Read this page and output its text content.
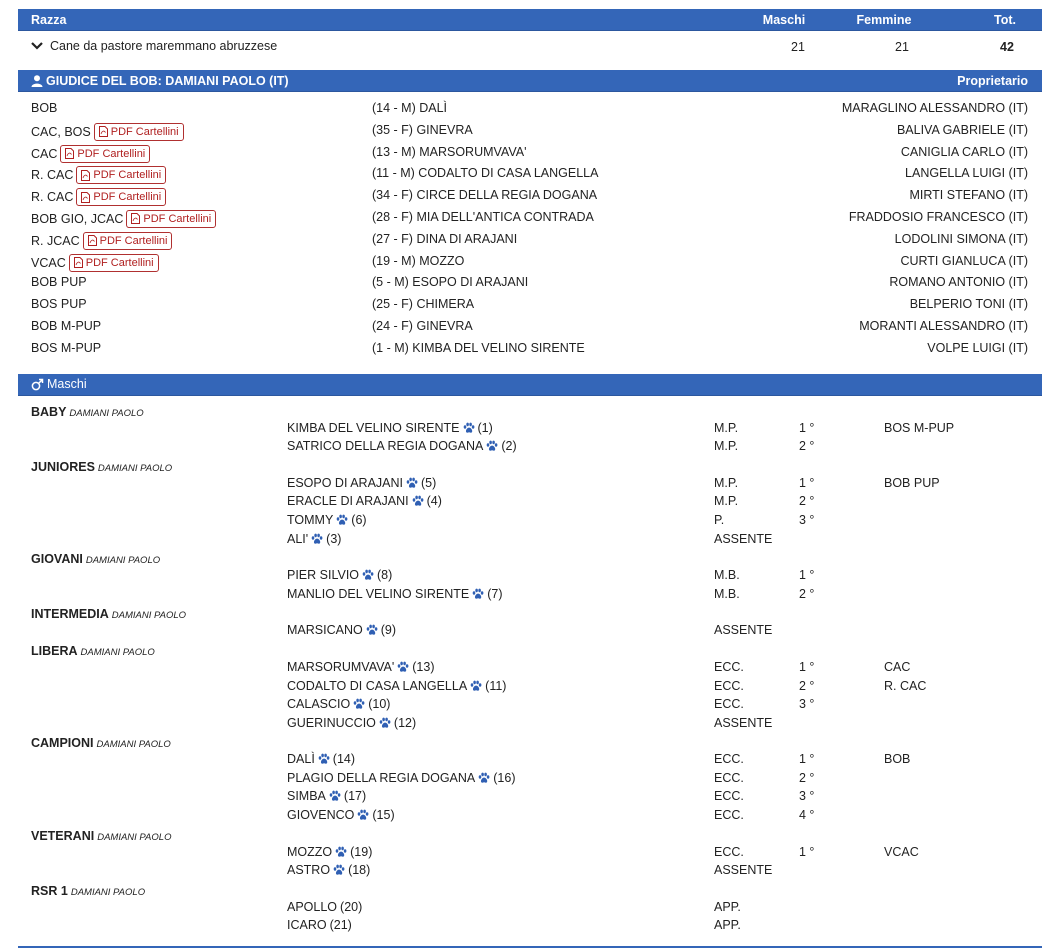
Razza	Maschi	Femmine	Tot.
Cane da pastore maremmano abruzzese	21	21	42
GIUDICE DEL BOB: DAMIANI PAOLO (IT)	Proprietario
BOB	(14 - M) DALÌ	MARAGLINO ALESSANDRO (IT)
CAC, BOS PDF Cartellini	(35 - F) GINEVRA	BALIVA GABRIELE (IT)
CAC PDF Cartellini	(13 - M) MARSORUMVAVA'	CANIGLIA CARLO (IT)
R. CAC PDF Cartellini	(11 - M) CODALTO DI CASA LANGELLA	LANGELLA LUIGI (IT)
R. CAC PDF Cartellini	(34 - F) CIRCE DELLA REGIA DOGANA	MIRTI STEFANO (IT)
BOB GIO, JCAC PDF Cartellini	(28 - F) MIA DELL'ANTICA CONTRADA	FRADDOSIO FRANCESCO (IT)
R. JCAC PDF Cartellini	(27 - F) DINA DI ARAJANI	LODOLINI SIMONA (IT)
VCAC PDF Cartellini	(19 - M) MOZZO	CURTI GIANLUCA (IT)
BOB PUP	(5 - M) ESOPO DI ARAJANI	ROMANO ANTONIO (IT)
BOS PUP	(25 - F) CHIMERA	BELPERIO TONI (IT)
BOB M-PUP	(24 - F) GINEVRA	MORANTI ALESSANDRO (IT)
BOS M-PUP	(1 - M) KIMBA DEL VELINO SIRENTE	VOLPE LUIGI (IT)
Maschi
BABY DAMIANI PAOLO
KIMBA DEL VELINO SIRENTE (1)	M.P.	1 °	BOS M-PUP
SATRICO DELLA REGIA DOGANA (2)	M.P.	2 °
JUNIORES DAMIANI PAOLO
ESOPO DI ARAJANI (5)	M.P.	1 °	BOB PUP
ERACLE DI ARAJANI (4)	M.P.	2 °
TOMMY (6)	P.	3 °
ALI' (3)	ASSENTE
GIOVANI DAMIANI PAOLO
PIER SILVIO (8)	M.B.	1 °
MANLIO DEL VELINO SIRENTE (7)	M.B.	2 °
INTERMEDIA DAMIANI PAOLO
MARSICANO (9)	ASSENTE
LIBERA DAMIANI PAOLO
MARSORUMVAVA' (13)	ECC.	1 °	CAC
CODALTO DI CASA LANGELLA (11)	ECC.	2 °	R. CAC
CALASCIO (10)	ECC.	3 °
GUERINUCCIO (12)	ASSENTE
CAMPIONI DAMIANI PAOLO
DALÌ (14)	ECC.	1 °	BOB
PLAGIO DELLA REGIA DOGANA (16)	ECC.	2 °
SIMBA (17)	ECC.	3 °
GIOVENCO (15)	ECC.	4 °
VETERANI DAMIANI PAOLO
MOZZO (19)	ECC.	1 °	VCAC
ASTRO (18)	ASSENTE
RSR 1 DAMIANI PAOLO
APOLLO (20)	APP.
ICARO (21)	APP.
